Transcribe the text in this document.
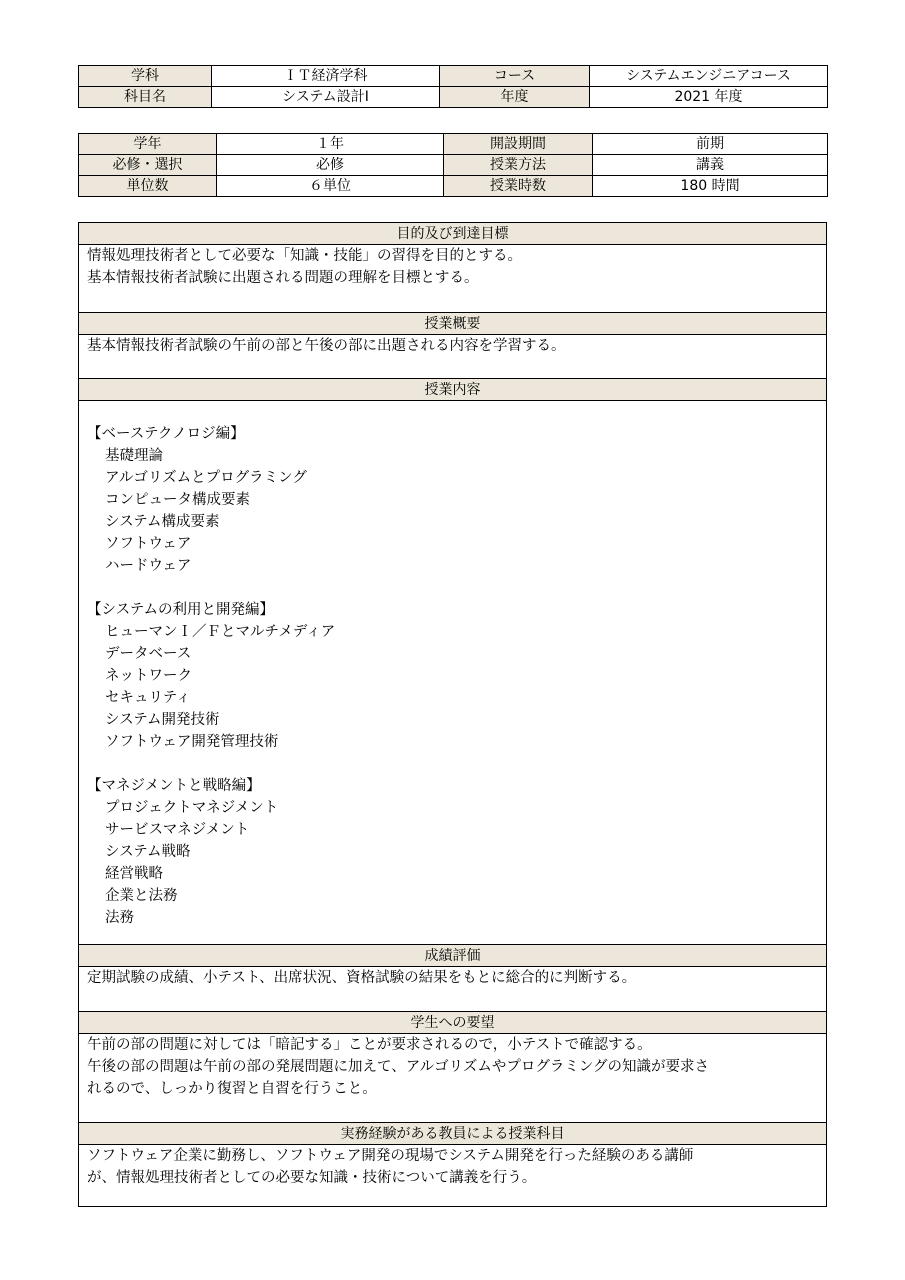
学科	ＩＴ経済学科	コース	システムエンジニアコース
科目名	システム設計Ⅰ	年度	2021 年度
学年	１年	開設期間	前期
必修・選択	必修	授業方法	講義
単位数	６単位	授業時数	180 時間
目的及び到達目標

情報処理技術者として必要な「知識・技能」の習得を目的とする。

基本情報技術者試験に出題される問題の理解を目標とする。

授業概要

基本情報技術者試験の午前の部と午後の部に出題される内容を学習する。

授業内容

【ベーステクノロジ編】

基礎理論

アルゴリズムとプログラミング

コンピュータ構成要素

システム構成要素

ソフトウェア

ハードウェア

【システムの利用と開発編】

ヒューマンＩ／Ｆとマルチメディア

データベース

ネットワーク

セキュリティ

システム開発技術

ソフトウェア開発管理技術

【マネジメントと戦略編】

プロジェクトマネジメント

サービスマネジメント

システム戦略

経営戦略

企業と法務

法務

成績評価

定期試験の成績、小テスト、出席状況、資格試験の結果をもとに総合的に判断する。

学生への要望

午前の部の問題に対しては「暗記する」ことが要求されるので，小テストで確認する。

午後の部の問題は午前の部の発展問題に加えて、アルゴリズムやプログラミングの知識が要求さ

れるので、しっかり復習と自習を行うこと。

実務経験がある教員による授業科目

ソフトウェア企業に勤務し、ソフトウェア開発の現場でシステム開発を行った経験のある講師

が、情報処理技術者としての必要な知識・技術について講義を行う。
